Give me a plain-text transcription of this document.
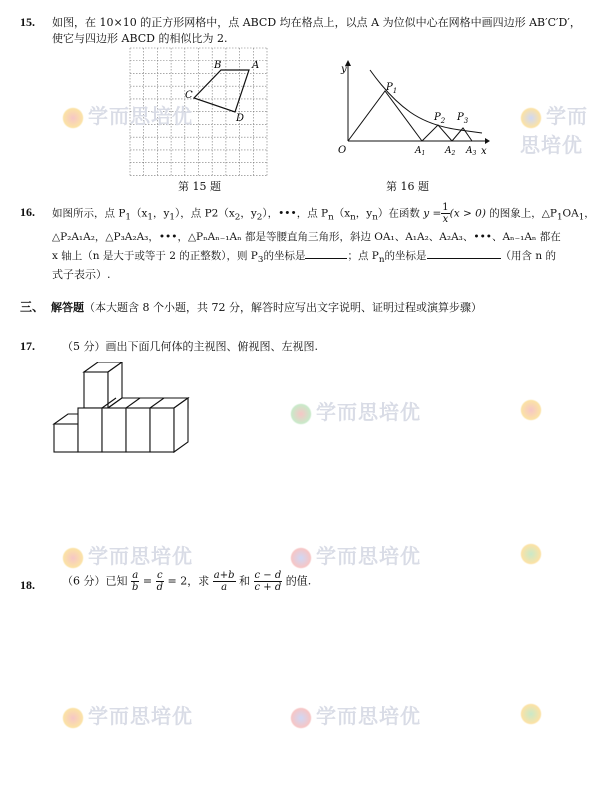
15. 如图，在 10×10 的正方形网格中，点 ABCD 均在格点上，以点 A 为位似中心在网格中画四边形 AB′C′D′，
使它与四边形 ABCD 的相似比为 2.
A
B
C
D
第 15 题
y
x
O
$P_1$
$P_2$ $P_3$
$A_1$ $A_2$ $A_3$
第 16 题
16. 如图所示，点 $P_1(x_1$，$y_1$），点 $P2(x_2$，$y_2$），•••，点 $P_n(x_n$，$y_n$）在函数 $y = \frac{1}{x} (x > 0)$ 的图象上，$\triangle P_1OA_1$，
△P₂A₁A₂，△P₃A₂A₃，•••，△PₙAₙ₋₁Aₙ 都是等腰直角三角形，斜边 OA₁、A₁A₂、A₂A₃、•••、Aₙ₋₁Aₙ 都在
x 轴上（n 是大于或等于 2 的正整数），则 $P_3$的坐标是	；点 $P_n$的坐标是	（用含 n 的
式子表示）.
三、 解答题（本大题含 8 个小题，共 72 分，解答时应写出文字说明、证明过程或演算步骤）
17. （5 分）画出下面几何体的主视图、俯视图、左视图.
18. （6 分）已知 $\frac{a}{b} = \frac{c}{d} = 2$，求 $\frac{a+b}{a}$ 和 $\frac{c - d}{c + d}$ 的值.
学而思培优	学而思培优
学而思培优
学而思培优	学而思培优
学而思培优	学而思培优
